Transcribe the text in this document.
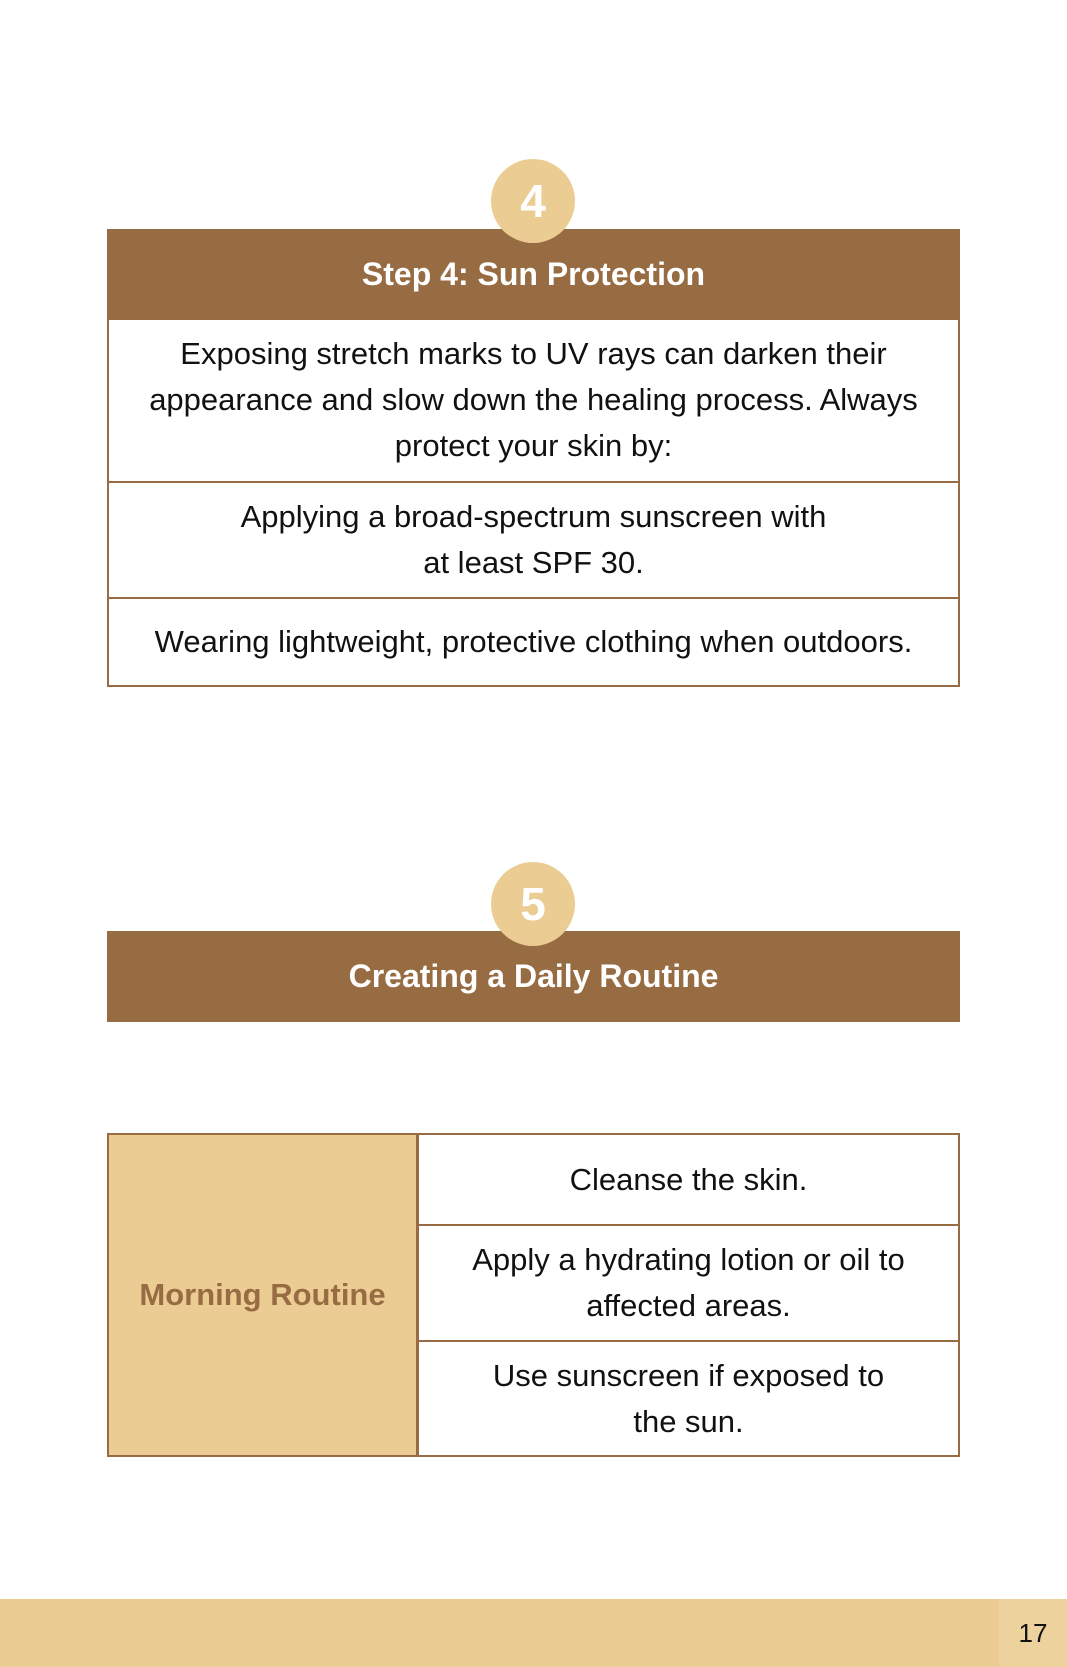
4
Step 4: Sun Protection
Exposing stretch marks to UV rays can darken their appearance and slow down the healing process. Always protect your skin by:
Applying a broad-spectrum sunscreen with at least SPF 30.
Wearing lightweight, protective clothing when outdoors.
5
Creating a Daily Routine
Morning Routine
Cleanse the skin.
Apply a hydrating lotion or oil to affected areas.
Use sunscreen if exposed to the sun.
17
